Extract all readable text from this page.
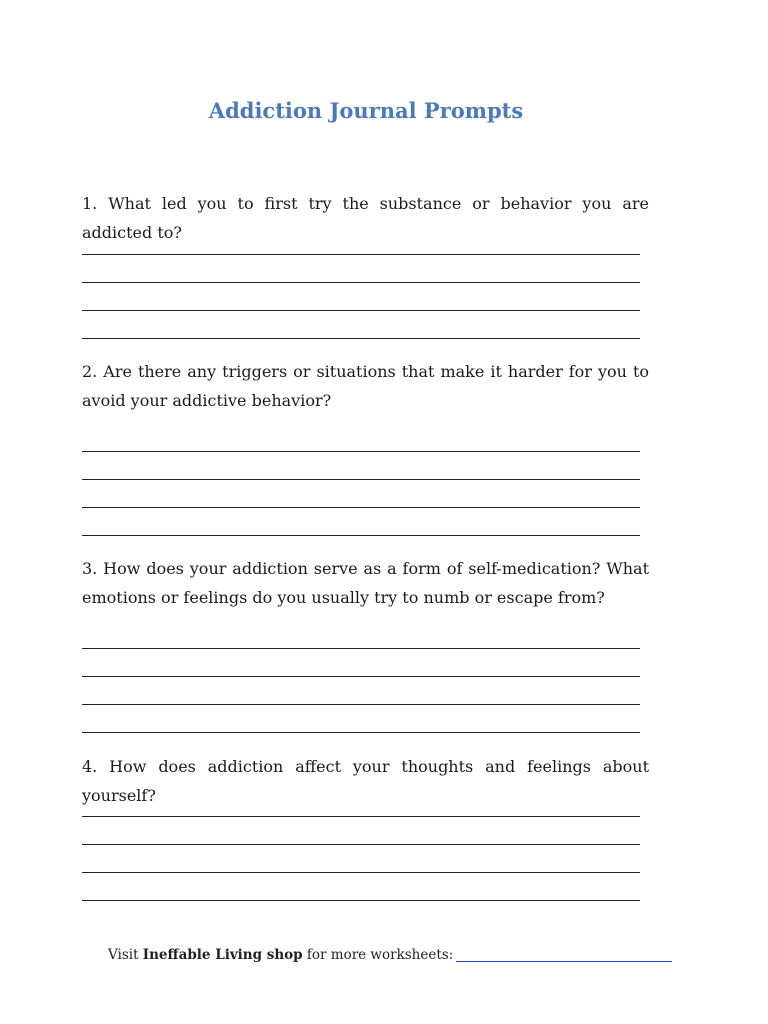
Addiction Journal Prompts

1. What led you to first try the substance or behavior you are addicted to?

2. Are there any triggers or situations that make it harder for you to avoid your addictive behavior?

3. How does your addiction serve as a form of self-medication? What emotions or feelings do you usually try to numb or escape from?

4. How does addiction affect your thoughts and feelings about yourself?

Visit Ineffable Living shop for more worksheets:
